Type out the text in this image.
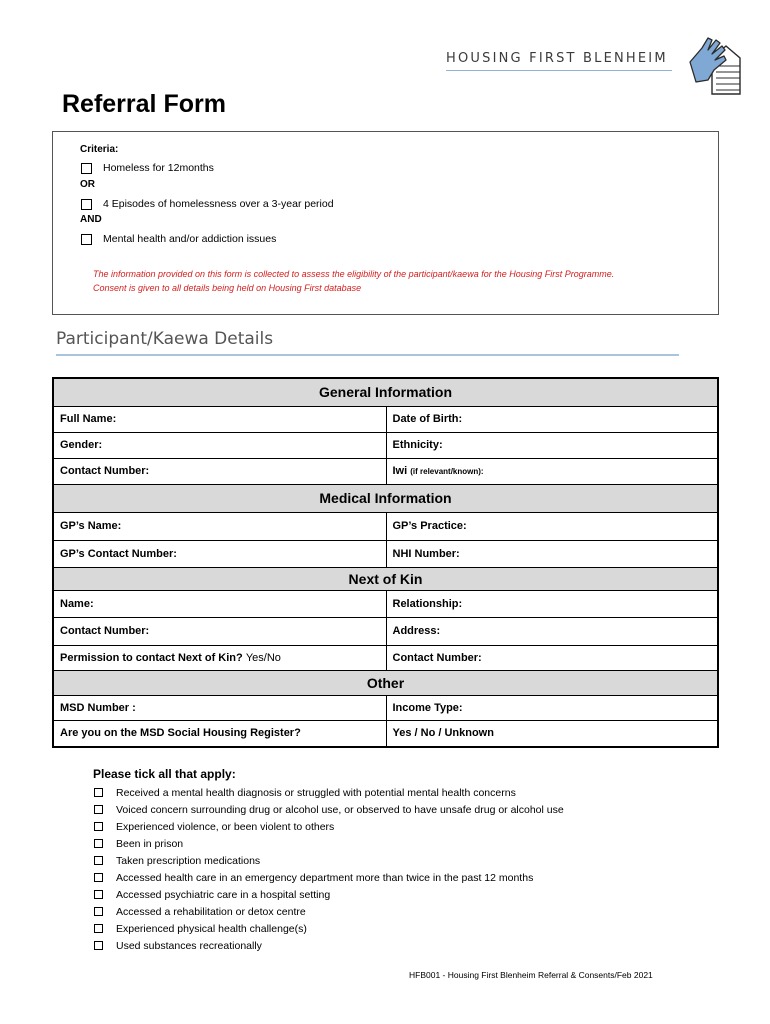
HOUSING FIRST BLENHEIM
Referral Form
Criteria:
Homeless for 12months
OR
4 Episodes of homelessness over a 3-year period
AND
Mental health and/or addiction issues
The information provided on this form is collected to assess the eligibility of the participant/kaewa for the Housing First Programme.
Consent is given to all details being held on Housing First database
Participant/Kaewa Details
General Information	
Full Name:	Date of Birth:
Gender:	Ethnicity:
Contact Number:	Iwi (if relevant/known):
Medical Information	
GP’s Name:	GP’s Practice:
GP’s Contact Number:	NHI Number:
Next of Kin	
Name:	Relationship:
Contact Number:	Address:
Permission to contact Next of Kin? Yes/No	Contact Number:
Other	
MSD Number :	Income Type:
Are you on the MSD Social Housing Register?	Yes / No / Unknown
Please tick all that apply:
Received a mental health diagnosis or struggled with potential mental health concerns
Voiced concern surrounding drug or alcohol use, or observed to have unsafe drug or alcohol use
Experienced violence, or been violent to others
Been in prison
Taken prescription medications
Accessed health care in an emergency department more than twice in the past 12 months
Accessed psychiatric care in a hospital setting
Accessed a rehabilitation or detox centre
Experienced physical health challenge(s)
Used substances recreationally
HFB001 - Housing First Blenheim Referral & Consents/Feb 2021
